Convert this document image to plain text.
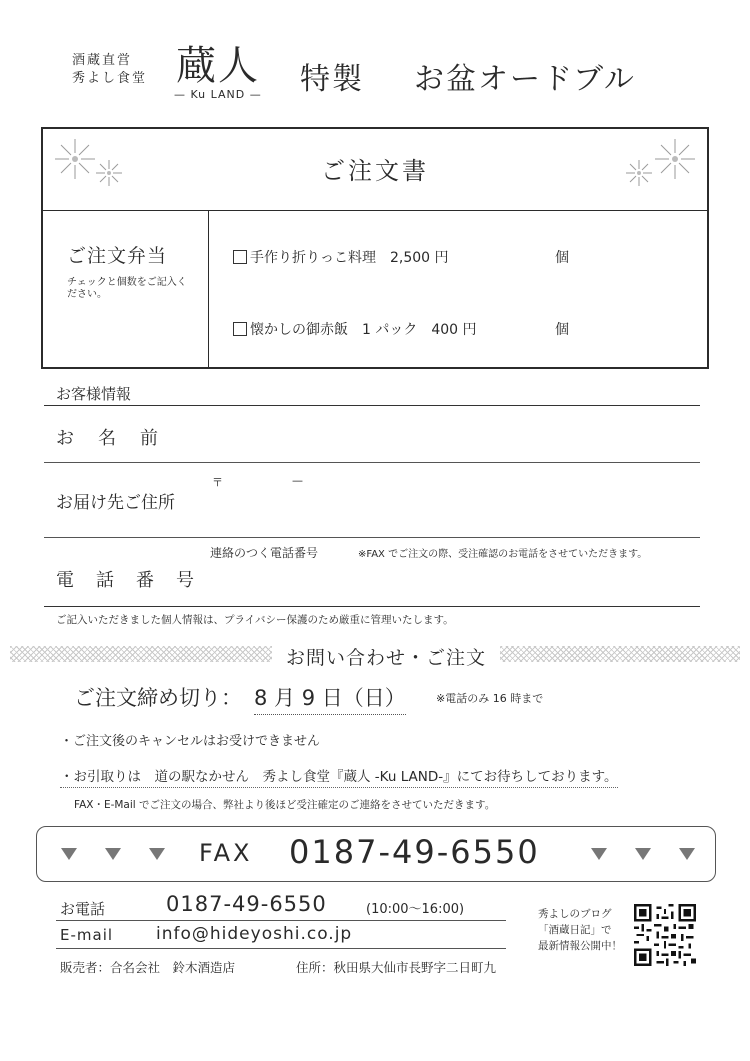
酒蔵直営
秀よし食堂 蔵人
— Ku LAND — 特製 お盆オードブル
ご注文書
ご注文弁当
チェックと個数をご記入ください。
手作り折りっこ料理　2,500 円	個
懐かしの御赤飯　1 パック　400 円	個
お客様情報
お　名　前
〒	—
お届け先ご住所
連絡のつく電話番号	※FAX でご注文の際、受注確認のお電話をさせていただきます。
電　話　番　号
ご記入いただきました個人情報は、プライバシー保護のため厳重に管理いたします。
お問い合わせ・ご注文
ご注文締め切り： 8 月 9 日（日）	※電話のみ 16 時まで
・ご注文後のキャンセルはお受けできません
・お引取りは　道の駅なかせん　秀よし食堂『蔵人 -Ku LAND-』にてお待ちしております。
FAX・E-Mail でご注文の場合、弊社より後ほど受注確定のご連絡をさせていただきます。
FAX 0187-49-6550
お電話	0187-49-6550	(10:00〜16:00)
E-mail	info@hideyoshi.co.jp
販売者：合名会社　鈴木酒造店	住所：秋田県大仙市長野字二日町九
秀よしのブログ
「酒蔵日記」で
最新情報公開中！
